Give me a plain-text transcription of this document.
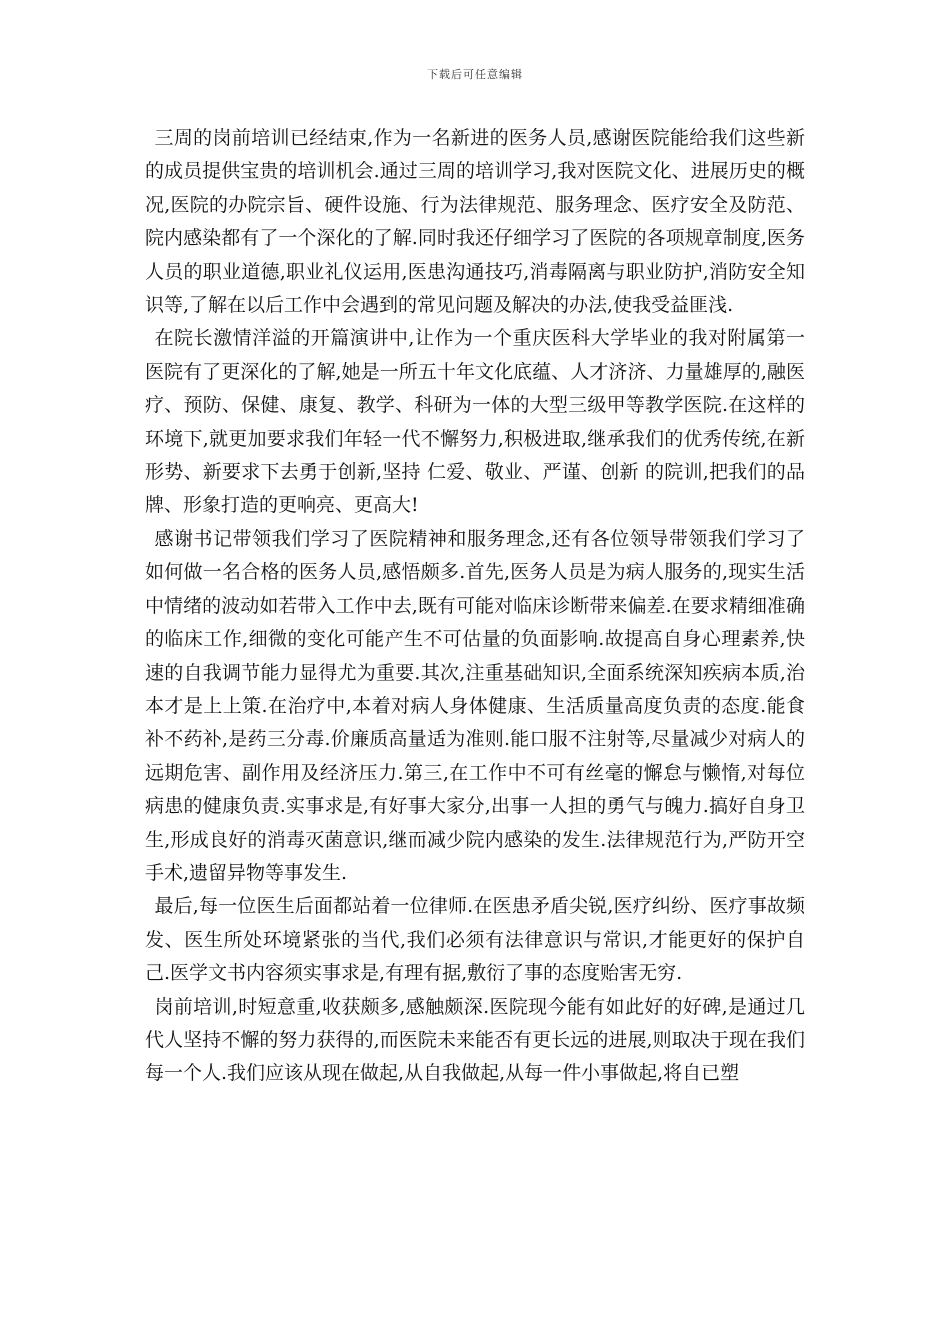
下载后可任意编辑

三周的岗前培训已经结束,作为一名新进的医务人员,感谢医院能给我们这些新的成员提供宝贵的培训机会.通过三周的培训学习,我对医院文化、进展历史的概况,医院的办院宗旨、硬件设施、行为法律规范、服务理念、医疗安全及防范、院内感染都有了一个深化的了解.同时我还仔细学习了医院的各项规章制度,医务人员的职业道德,职业礼仪运用,医患沟通技巧,消毒隔离与职业防护,消防安全知识等,了解在以后工作中会遇到的常见问题及解决的办法,使我受益匪浅.

在院长激情洋溢的开篇演讲中,让作为一个重庆医科大学毕业的我对附属第一医院有了更深化的了解,她是一所五十年文化底蕴、人才济济、力量雄厚的,融医疗、预防、保健、康复、教学、科研为一体的大型三级甲等教学医院.在这样的环境下,就更加要求我们年轻一代不懈努力,积极进取,继承我们的优秀传统,在新形势、新要求下去勇于创新,坚持 仁爱、敬业、严谨、创新 的院训,把我们的品牌、形象打造的更响亮、更高大!

感谢书记带领我们学习了医院精神和服务理念,还有各位领导带领我们学习了如何做一名合格的医务人员,感悟颇多.首先,医务人员是为病人服务的,现实生活中情绪的波动如若带入工作中去,既有可能对临床诊断带来偏差.在要求精细准确的临床工作,细微的变化可能产生不可估量的负面影响.故提高自身心理素养,快速的自我调节能力显得尤为重要.其次,注重基础知识,全面系统深知疾病本质,治本才是上上策.在治疗中,本着对病人身体健康、生活质量高度负责的态度.能食补不药补,是药三分毒.价廉质高量适为准则.能口服不注射等,尽量减少对病人的远期危害、副作用及经济压力.第三,在工作中不可有丝毫的懈怠与懒惰,对每位病患的健康负责.实事求是,有好事大家分,出事一人担的勇气与魄力.搞好自身卫生,形成良好的消毒灭菌意识,继而减少院内感染的发生.法律规范行为,严防开空手术,遗留异物等事发生.

最后,每一位医生后面都站着一位律师.在医患矛盾尖锐,医疗纠纷、医疗事故频发、医生所处环境紧张的当代,我们必须有法律意识与常识,才能更好的保护自己.医学文书内容须实事求是,有理有据,敷衍了事的态度贻害无穷.

岗前培训,时短意重,收获颇多,感触颇深.医院现今能有如此好的好碑,是通过几代人坚持不懈的努力获得的,而医院未来能否有更长远的进展,则取决于现在我们每一个人.我们应该从现在做起,从自我做起,从每一件小事做起,将自已塑
